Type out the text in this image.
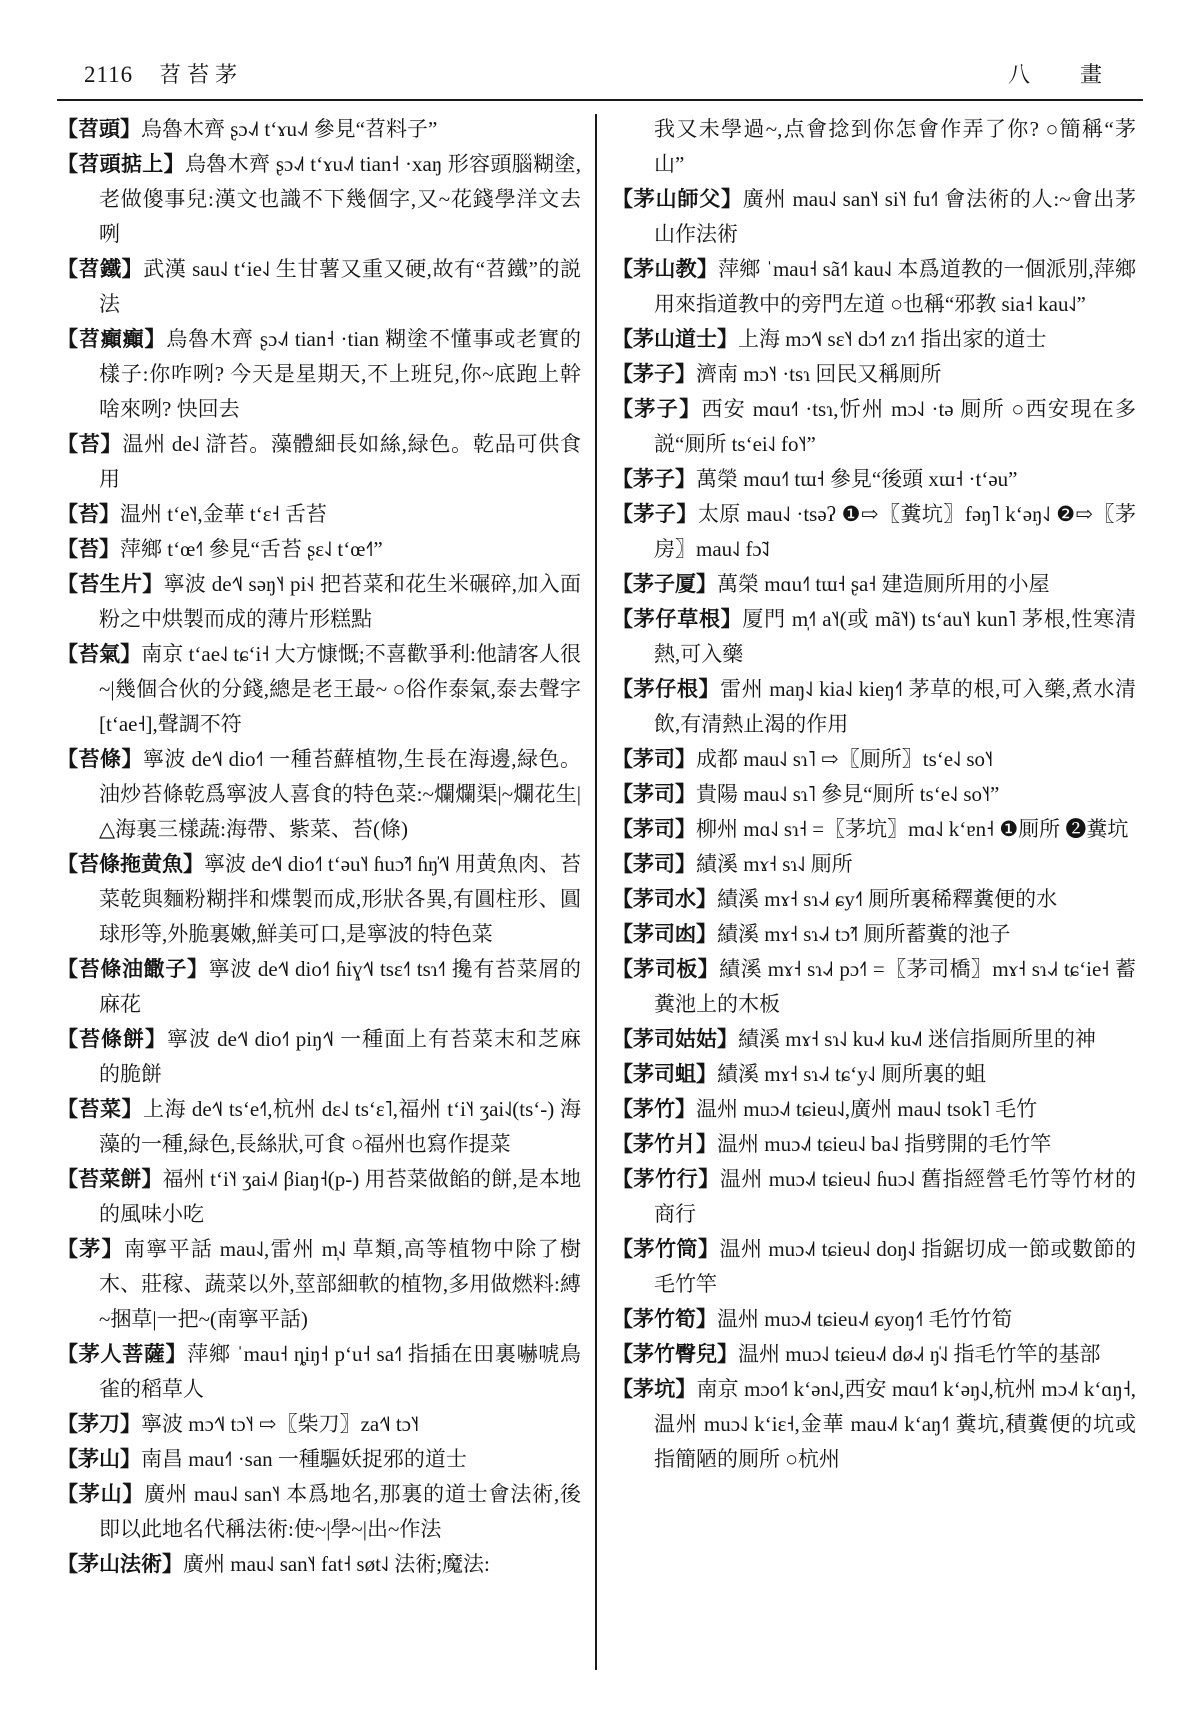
2116 苕苔茅	八　畫
【苕頭】烏魯木齊 ʂɔ˨˩˦ tʻɤu˨˩˦ 參見“苕料子”
【苕頭掂上】烏魯木齊 ʂɔ˨˩˦ tʻɤu˨˩˦ tian˧ ·xaŋ 形容頭腦糊塗,老做傻事兒:漢文也識不下幾個字,又~花錢學洋文去咧
【苕鐵】武漢 sau˨˩ tʻie˨˩ 生甘薯又重又硬,故有“苕鐵”的説法
【苕癲癲】烏魯木齊 ʂɔ˨˩˦ tian˧ ·tian 糊塗不懂事或老實的樣子:你咋咧? 今天是星期天,不上班兒,你~底跑上幹啥來咧? 快回去
【苔】温州 de˨˩ 滸苔。藻體細長如絲,緑色。乾品可供食用
【苔】温州 tʻe˥˧,金華 tʻɛ˧ 舌苔
【苔】萍鄉 tʻœ˧˥ 參見“舌苔 ʂɛ˨˩ tʻœ˧˥”
【苔生片】寧波 de˧˥˩ səŋ˥˧ pi˧˨ 把苔菜和花生米碾碎,加入面粉之中烘製而成的薄片形糕點
【苔氣】南京 tʻae˨˩ tɕʻi˧ 大方慷慨;不喜歡爭利:他請客人很~|幾個合伙的分錢,總是老王最~ ○俗作泰氣,泰去聲字[tʻae˧],聲調不符
【苔條】寧波 de˧˥˩ dio˧˥ 一種苔蘚植物,生長在海邊,緑色。油炒苔條乾爲寧波人喜食的特色菜:~爛爛渠|~爛花生|△海裏三樣蔬:海帶、紫菜、苔(條)
【苔條拖黄魚】寧波 de˧˥˩ dio˧˥ tʻəu˥˧ ɦuɔ̃˧˥ ɦŋ̍˧˥˩ 用黄魚肉、苔菜乾與麵粉糊拌和煠製而成,形狀各異,有圓柱形、圓球形等,外脆裏嫩,鮮美可口,是寧波的特色菜
【苔條油饊子】寧波 de˧˥˩ dio˧˥ ɦiɣ˧˥˩ tsɛ˧˥ tsɿ˧˥ 攙有苔菜屑的麻花
【苔條餅】寧波 de˧˥˩ dio˧˥ piŋ˧˥˩ 一種面上有苔菜末和芝麻的脆餅
【苔菜】上海 de˧˥˩ tsʻe˧˥,杭州 dɛ˨˩ tsʻɛ˥,福州 tʻi˥˧ ʒai˨˩(tsʻ-) 海藻的一種,緑色,長絲狀,可食 ○福州也寫作提菜
【苔菜餅】福州 tʻi˥˧ ʒai˨˩˦ βiaŋ˧(p-) 用苔菜做餡的餅,是本地的風味小吃
【茅】南寧平話 mau˨˩,雷州 m̩˨˩ 草類,高等植物中除了樹木、莊稼、蔬菜以外,莖部細軟的植物,多用做燃料:縛~捆草|一把~(南寧平話)
【茅人菩薩】萍鄉 ˈmau˧ ȵiŋ˧ pʻu˧ sa˧˥ 指插在田裏嚇唬鳥雀的稻草人
【茅刀】寧波 mɔ˧˥˩ tɔ˥˧ ⇨〖柴刀〗za˧˥˩ tɔ˥˧
【茅山】南昌 mau˧˥ ·san 一種驅妖捉邪的道士
【茅山】廣州 mau˨˩ san˥˧ 本爲地名,那裏的道士會法術,後即以此地名代稱法術:使~|學~|出~作法
【茅山法術】廣州 mau˨˩ san˥˧ fat˧ søt˨˩ 法術;魔法:
我又未學過~,点會捻到你怎會作弄了你? ○簡稱“茅山”
【茅山師父】廣州 mau˨˩ san˥˧ si˥˧ fu˧˥ 會法術的人:~會出茅山作法術
【茅山教】萍鄉 ˈmau˧ sã˧˥ kau˨˩ 本爲道教的一個派別,萍鄉用來指道教中的旁門左道 ○也稱“邪教 sia˧ kau˨˩”
【茅山道士】上海 mɔ˧˥˩ sɛ˥˧ dɔ˧˥ zɿ˧˥ 指出家的道士
【茅子】濟南 mɔ˥˧ ·tsɿ 回民又稱厠所
【茅子】西安 mɑu˧˥ ·tsɿ,忻州 mɔ˨˩ ·tə 厠所 ○西安現在多説“厠所 tsʻei˨˩ fo˥˧”
【茅子】萬榮 mɑu˧˥ tɯ˧ 參見“後頭 xɯ˧ ·tʻəu”
【茅子】太原 mau˨˩ ·tsəʔ ❶⇨〖糞坑〗fəŋ˥ kʻəŋ˨˩ ❷⇨〖茅房〗mau˨˩ fɔ̃˨˩
【茅子厦】萬榮 mɑu˧˥ tɯ˧ ʂa˧ 建造厠所用的小屋
【茅仔草根】厦門 m̩˧˥ a˥˧(或 mã˥˧) tsʻau˥˧ kun˥ 茅根,性寒清熱,可入藥
【茅仔根】雷州 maŋ˨˩ kia˨˩ kieŋ˧˥ 茅草的根,可入藥,煮水清飲,有清熱止渴的作用
【茅司】成都 mau˨˩ sɿ˥ ⇨〖厠所〗tsʻe˨˩ so˥˧
【茅司】貴陽 mau˨˩ sɿ˥ 參見“厠所 tsʻe˨˩ so˥˧”
【茅司】柳州 mɑ˨˩ sɿ˧ =〖茅坑〗mɑ˨˩ kʻɐn˧ ❶厠所 ❷糞坑
【茅司】績溪 mɤ˧ sɿ˨˩ 厠所
【茅司水】績溪 mɤ˧ sɿ˨˩˧ ɕy˧˥ 厠所裏稀釋糞便的水
【茅司凼】績溪 mɤ˧ sɿ˨˩˧ tɔ̃˧˥ 厠所蓄糞的池子
【茅司板】績溪 mɤ˧ sɿ˨˩˧ pɔ˧˥ =〖茅司橋〗mɤ˧ sɿ˨˩˧ tɕʻie˧ 蓄糞池上的木板
【茅司姑姑】績溪 mɤ˧ sɿ˨˩ ku˨˩˧ ku˨˩˥ 迷信指厠所里的神
【茅司蛆】績溪 mɤ˧ sɿ˨˩˧ tɕʻy˨˩ 厠所裏的蛆
【茅竹】温州 muɔ˨˩˦ tɕieu˨˩,廣州 mau˨˩ tsok˥ 毛竹
【茅竹爿】温州 muɔ˨˩˦ tɕieu˨˩ ba˨˩ 指劈開的毛竹竿
【茅竹行】温州 muɔ˨˩˦ tɕieu˨˩ ɦuɔ˨˩ 舊指經營毛竹等竹材的商行
【茅竹筒】温州 muɔ˨˩˦ tɕieu˨˩ doŋ˨˩ 指鋸切成一節或數節的毛竹竿
【茅竹筍】温州 muɔ˨˩˦ tɕieu˨˩˦ ɕyoŋ˧˥ 毛竹竹筍
【茅竹臀兒】温州 muɔ˨˩ tɕieu˨˩˦ dø˨˩˧ ŋ̍˨˩ 指毛竹竿的基部
【茅坑】南京 mɔo˧˥ kʻən˨˩,西安 mɑu˧˥ kʻəŋ˨˩,杭州 mɔ˨˩˦ kʻɑŋ˧,温州 muɔ˨˩ kʻiɛ˧,金華 mau˨˩˦ kʻaŋ˧˥ 糞坑,積糞便的坑或指簡陋的厠所 ○杭州
